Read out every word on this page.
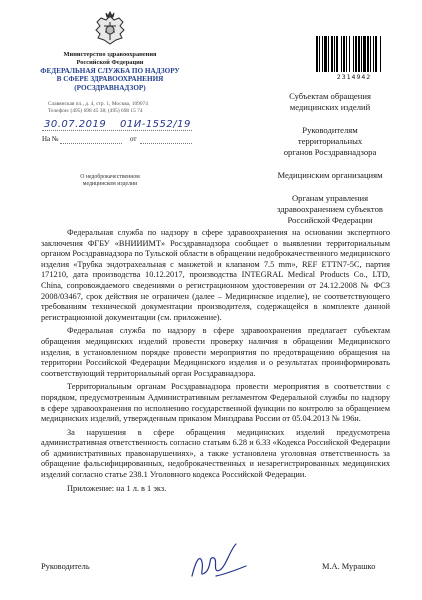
Министерство здравоохранения
Российской Федерации
ФЕДЕРАЛЬНАЯ СЛУЖБА ПО НАДЗОРУ
В СФЕРЕ ЗДРАВООХРАНЕНИЯ
(РОСЗДРАВНАДЗОР)
Славянская пл., д. 4, стр. 1, Москва, 109074
Телефон: (495) 698 45 38; (495) 698 15 74
30.07.2019 01И-1552/19
На №	от
О недоброкачественном
медицинском изделии
2314942
Субъектам обращения
медицинских изделий
Руководителям
территориальных
органов Росздравнадзора
Медицинским организациям
Органам управления
здравоохранением субъектов
Российской Федерации

Федеральная служба по надзору в сфере здравоохранения на основании экспертного заключения ФГБУ «ВНИИИМТ» Росздравнадзора сообщает о выявлении территориальным органом Росздравнадзора по Тульской области в обращении недоброкачественного медицинского изделия «Трубка эндотрахеальная с манжетой и клапаном 7.5 mm», REF ETTN7-5C, партия 171210, дата производства 10.12.2017, производства INTEGRAL Medical Products Co., LTD, China, сопровождаемого сведениями о регистрационном удостоверении от 24.12.2008 № ФСЗ 2008/03467, срок действия не ограничен (далее – Медицинское изделие), не соответствующего требованиям технической документации производителя, содержащейся в комплекте данной регистрационной документации (см. приложение).

Федеральная служба по надзору в сфере здравоохранения предлагает субъектам обращения медицинских изделий провести проверку наличия в обращении Медицинского изделия, в установленном порядке провести мероприятия по предотвращению обращения на территории Российской Федерации Медицинского изделия и о результатах проинформировать соответствующий территориальный орган Росздравнадзора.

Территориальным органам Росздравнадзора провести мероприятия в соответствии с порядком, предусмотренным Административным регламентом Федеральной службы по надзору в сфере здравоохранения по исполнению государственной функции по контролю за обращением медицинских изделий, утвержденным приказом Минздрава России от 05.04.2013 № 196н.

За нарушения в сфере обращения медицинских изделий предусмотрена административная ответственность согласно статьям 6.28 и 6.33 «Кодекса Российской Федерации об административных правонарушениях», а также установлена уголовная ответственность за обращение фальсифицированных, недоброкачественных и незарегистрированных медицинских изделий согласно статье 238.1 Уголовного кодекса Российской Федерации.

Приложение: на 1 л. в 1 экз.

Руководитель	М.А. Мурашко
